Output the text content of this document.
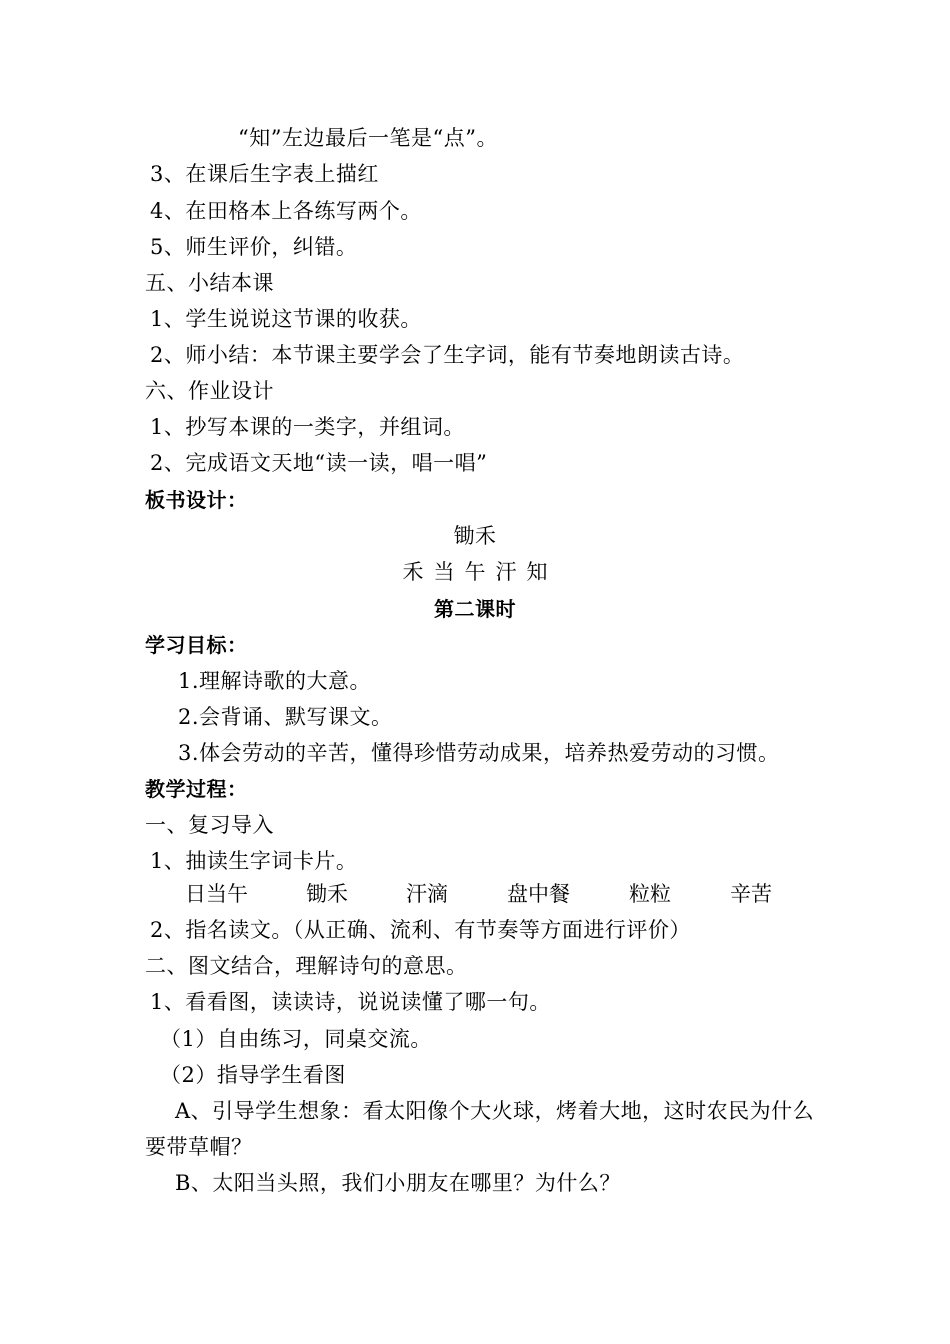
“知”左边最后一笔是“点”。
3、在课后生字表上描红
4、在田格本上各练写两个。
5、师生评价，纠错。
五、小结本课
1、学生说说这节课的收获。
2、师小结：本节课主要学会了生字词，能有节奏地朗读古诗。
六、作业设计
1、抄写本课的一类字，并组词。
2、完成语文天地“读一读，唱一唱”
板书设计：
锄禾
禾 当 午 汗 知
第二课时
学习目标：
1.理解诗歌的大意。
2.会背诵、默写课文。
3.体会劳动的辛苦，懂得珍惜劳动成果，培养热爱劳动的习惯。
教学过程：
一、复习导入
1、抽读生字词卡片。
日当午	锄禾	汗滴	盘中餐	粒粒	辛苦
2、指名读文。（从正确、流利、有节奏等方面进行评价）
二、图文结合，理解诗句的意思。
1、看看图，读读诗，说说读懂了哪一句。
（1）自由练习，同桌交流。
（2）指导学生看图
A、引导学生想象：看太阳像个大火球，烤着大地，这时农民为什么
要带草帽？
B、太阳当头照，我们小朋友在哪里？为什么？
